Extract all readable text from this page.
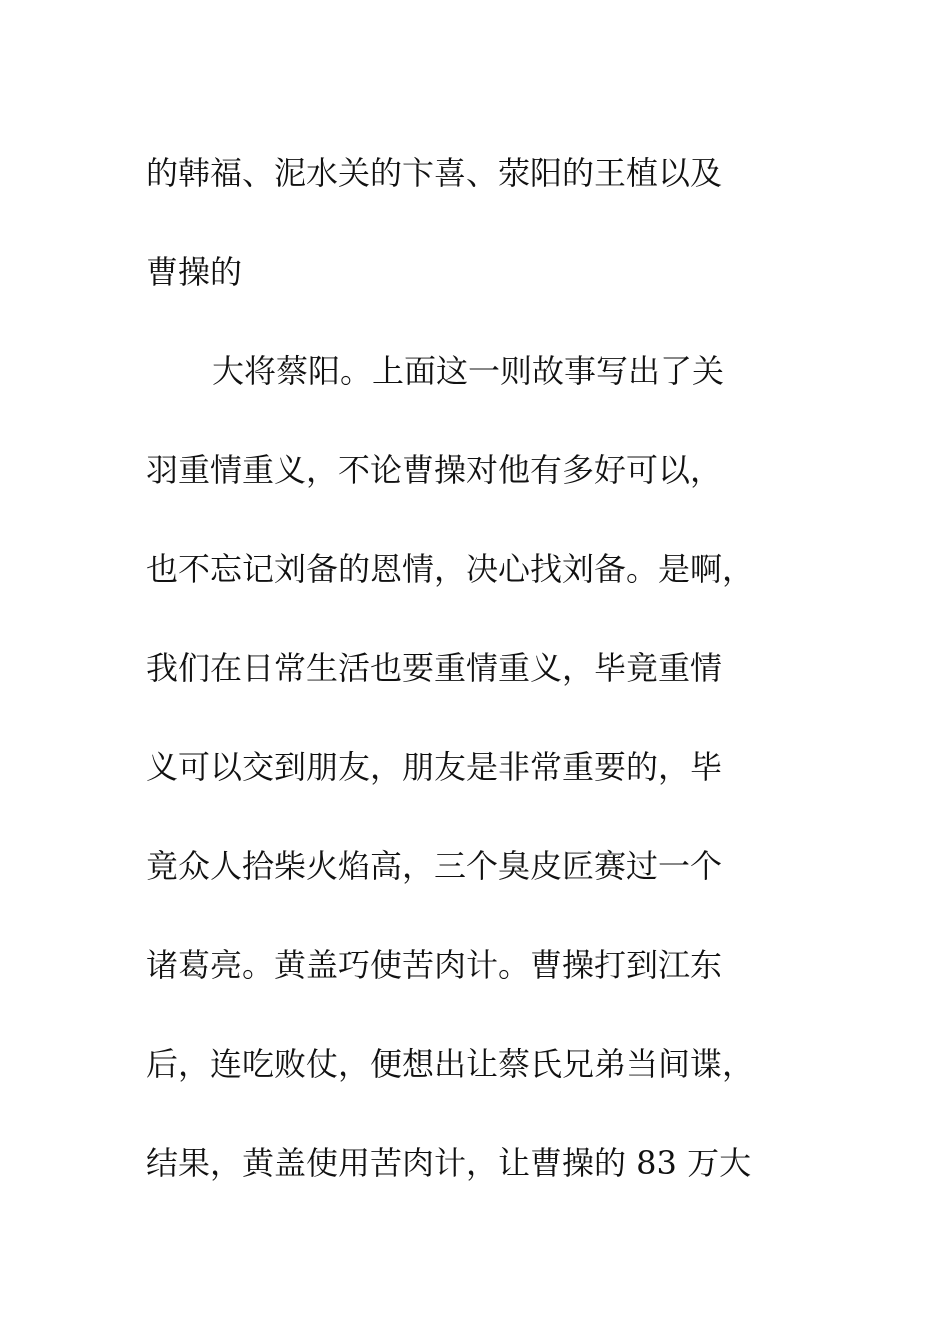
的韩福、泥水关的卞喜、荥阳的王植以及
曹操的
大将蔡阳。上面这一则故事写出了关
羽重情重义，不论曹操对他有多好可以，
也不忘记刘备的恩情，决心找刘备。是啊，
我们在日常生活也要重情重义，毕竟重情
义可以交到朋友，朋友是非常重要的，毕
竟众人拾柴火焰高，三个臭皮匠赛过一个
诸葛亮。黄盖巧使苦肉计。曹操打到江东
后，连吃败仗，便想出让蔡氏兄弟当间谍，
结果，黄盖使用苦肉计，让曹操的 83 万大
